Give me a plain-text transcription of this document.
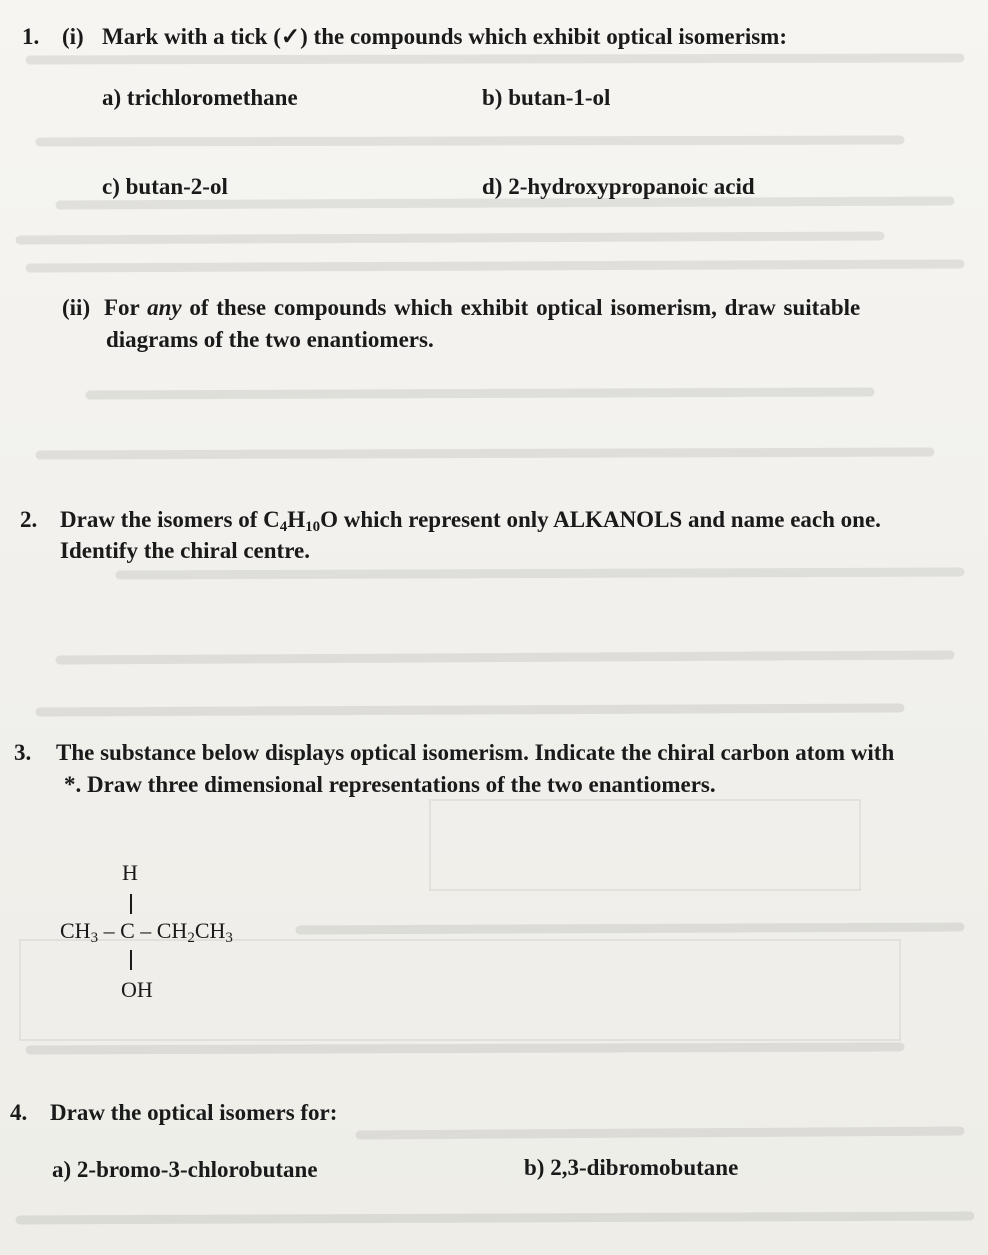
1. (i) Mark with a tick (✓) the compounds which exhibit optical isomerism:
a) trichloromethane	b) butan-1-ol
c) butan-2-ol	d) 2-hydroxypropanoic acid
(ii) For any of these compounds which exhibit optical isomerism, draw suitable
diagrams of the two enantiomers.
2. Draw the isomers of $C_4H_{10}O$ which represent only ALKANOLS and name each one.
Identify the chiral centre.
3. The substance below displays optical isomerism. Indicate the chiral carbon atom with
*. Draw three dimensional representations of the two enantiomers.
H
$CH_3$ – C – $CH_2CH_3$
OH
4. Draw the optical isomers for:
a) 2-bromo-3-chlorobutane	b) 2,3-dibromobutane
